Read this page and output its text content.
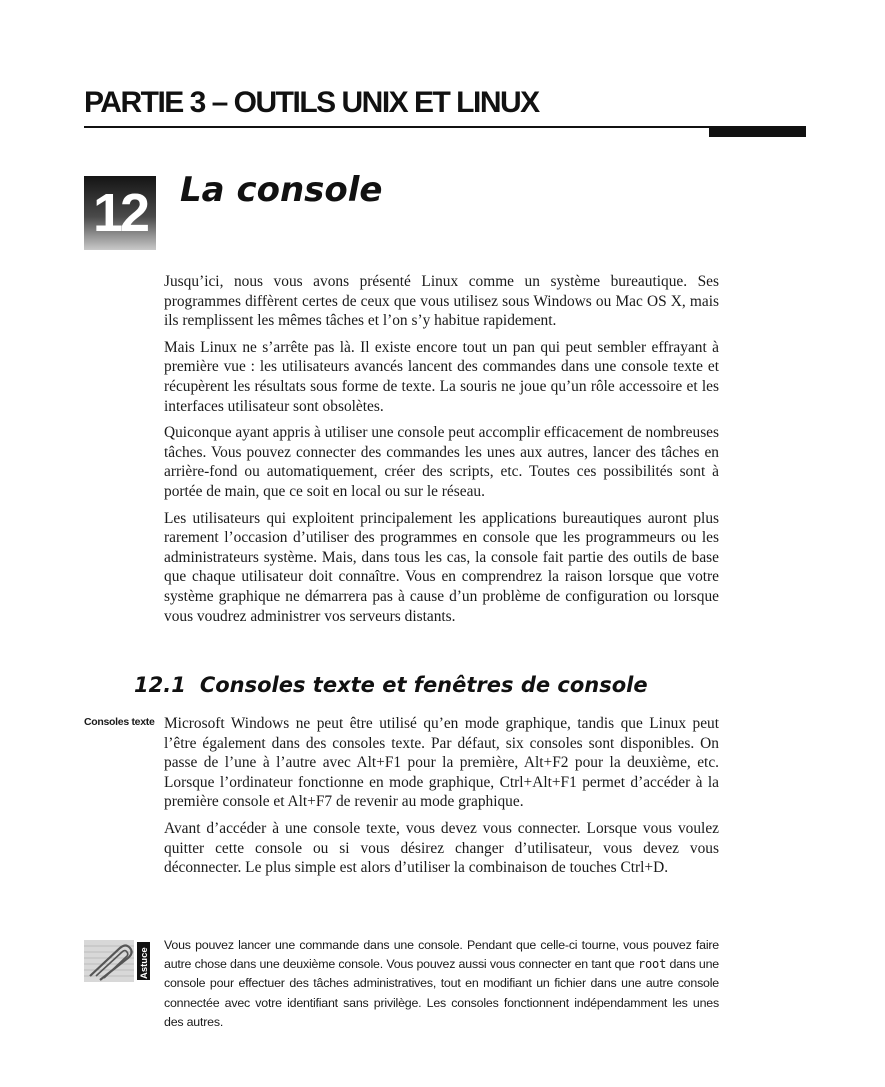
PARTIE 3 – OUTILS UNIX ET LINUX
12 La console

Jusqu’ici, nous vous avons présenté Linux comme un système bureautique. Ses programmes diffèrent certes de ceux que vous utilisez sous Windows ou Mac OS X, mais ils remplissent les mêmes tâches et l’on s’y habitue rapidement.

Mais Linux ne s’arrête pas là. Il existe encore tout un pan qui peut sembler effrayant à première vue : les utilisateurs avancés lancent des commandes dans une console texte et récupèrent les résultats sous forme de texte. La souris ne joue qu’un rôle accessoire et les interfaces utilisateur sont obsolètes.

Quiconque ayant appris à utiliser une console peut accomplir efficacement de nombreuses tâches. Vous pouvez connecter des commandes les unes aux autres, lancer des tâches en arrière-fond ou automatiquement, créer des scripts, etc. Toutes ces possibilités sont à portée de main, que ce soit en local ou sur le réseau.

Les utilisateurs qui exploitent principalement les applications bureautiques auront plus rarement l’occasion d’utiliser des programmes en console que les programmeurs ou les administrateurs système. Mais, dans tous les cas, la console fait partie des outils de base que chaque utilisateur doit connaître. Vous en comprendrez la raison lorsque que votre système graphique ne démarrera pas à cause d’un problème de configuration ou lorsque vous voudrez administrer vos serveurs distants.

12.1 Consoles texte et fenêtres de console
Consoles texte Microsoft Windows ne peut être utilisé qu’en mode graphique, tandis que Linux peut l’être également dans des consoles texte. Par défaut, six consoles sont disponibles. On passe de l’une à l’autre avec Alt+F1 pour la première, Alt+F2 pour la deuxième, etc. Lorsque l’ordinateur fonctionne en mode graphique, Ctrl+Alt+F1 permet d’accéder à la première console et Alt+F7 de revenir au mode graphique.

Avant d’accéder à une console texte, vous devez vous connecter. Lorsque vous voulez quitter cette console ou si vous désirez changer d’utilisateur, vous devez vous déconnecter. Le plus simple est alors d’utiliser la combinaison de touches Ctrl+D.

Astuce
Vous pouvez lancer une commande dans une console. Pendant que celle-ci tourne, vous pouvez faire autre chose dans une deuxième console. Vous pouvez aussi vous connecter en tant que root dans une console pour effectuer des tâches administratives, tout en modifiant un fichier dans une autre console connectée avec votre identifiant sans privilège. Les consoles fonctionnent indépendamment les unes des autres.
